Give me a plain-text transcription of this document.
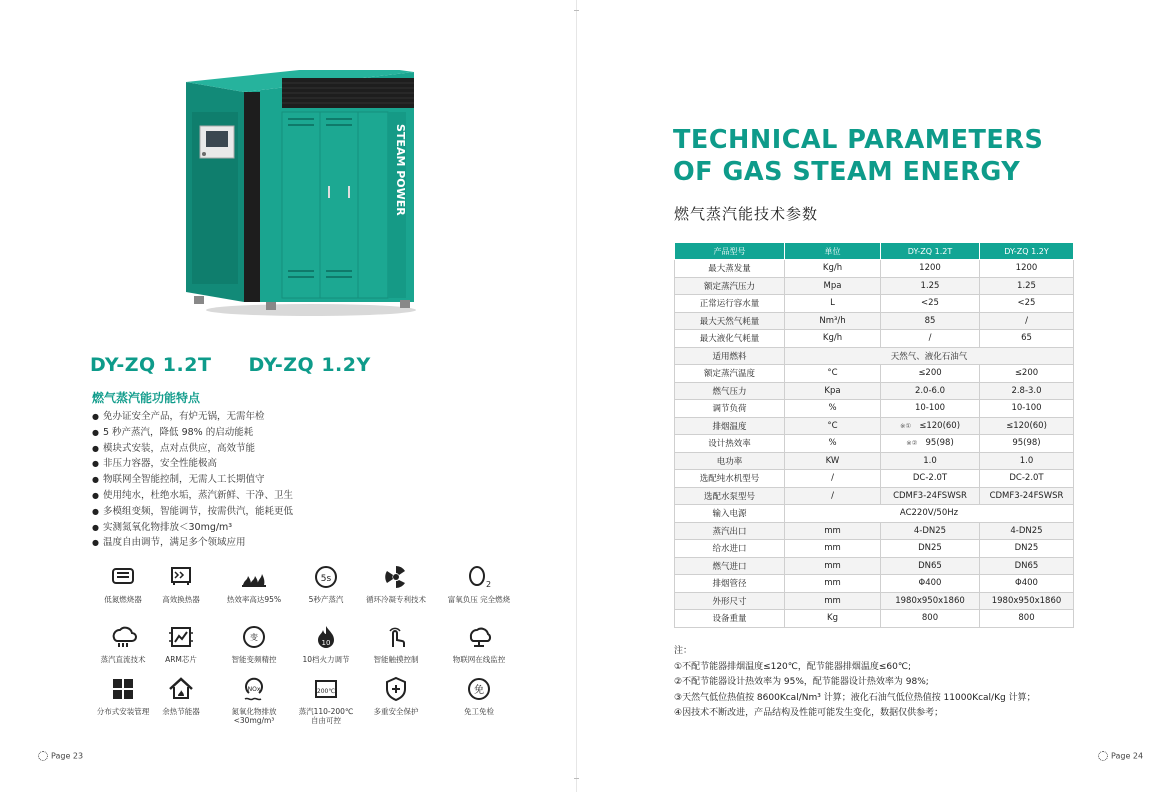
STEAM POWER
DY-ZQ 1.2T DY-ZQ 1.2Y
燃气蒸汽能功能特点
● 免办证安全产品，有炉无锅，无需年检
● 5 秒产蒸汽，降低 98% 的启动能耗
● 模块式安装，点对点供应，高效节能
● 非压力容器，安全性能极高
● 物联网全智能控制，无需人工长期值守
● 使用纯水，杜绝水垢，蒸汽新鲜、干净、卫生
● 多模组变频，智能调节，按需供汽，能耗更低
● 实测氮氧化物排放＜30mg/m³
● 温度自由调节，满足多个领域应用
低氮燃烧器	高效换热器	热效率高达95%
5s
5秒产蒸汽	循环冷凝专利技术
2
富氧负压 完全燃烧
蒸汽直流技术	ARM芯片
变
智能变频精控
10
10档火力调节	智能触摸控制	物联网在线监控
分布式安装管理	余热节能器
NOx
氮氧化物排放
<30mg/m³
200℃
蒸汽110-200℃
自由可控
多重安全保护
免
免工免检
Page 23
TECHNICAL PARAMETERS
OF GAS STEAM ENERGY
燃气蒸汽能技术参数
产品型号	单位	DY-ZQ 1.2T	DY-ZQ 1.2Y
最大蒸发量	Kg/h	1200	1200
额定蒸汽压力	Mpa	1.25	1.25
正常运行容水量	L	<25	<25
最大天然气耗量	Nm³/h	85	/
最大液化气耗量	Kg/h	/	65
适用燃料	天然气、液化石油气		
额定蒸汽温度	°C	≤200	≤200
燃气压力	Kpa	2.0-6.0	2.8-3.0
调节负荷	%	10-100	10-100
排烟温度	°C	※① ≤120(60)	≤120(60)
设计热效率	%	※② 95(98)	95(98)
电功率	KW	1.0	1.0
选配纯水机型号	/	DC-2.0T	DC-2.0T
选配水泵型号	/	CDMF3-24FSWSR	CDMF3-24FSWSR
输入电源	AC220V/50Hz		
蒸汽出口	mm	4-DN25	4-DN25
给水进口	mm	DN25	DN25
燃气进口	mm	DN65	DN65
排烟管径	mm	Φ400	Φ400
外形尺寸	mm	1980x950x1860	1980x950x1860
设备重量	Kg	800	800
注：
①不配节能器排烟温度≤120℃，配节能器排烟温度≤60℃;
②不配节能器设计热效率为 95%，配节能器设计热效率为 98%;
③天然气低位热值按 8600Kcal/Nm³ 计算；液化石油气低位热值按 11000Kcal/Kg 计算；
④因技术不断改进，产品结构及性能可能发生变化，数据仅供参考；
Page 24
